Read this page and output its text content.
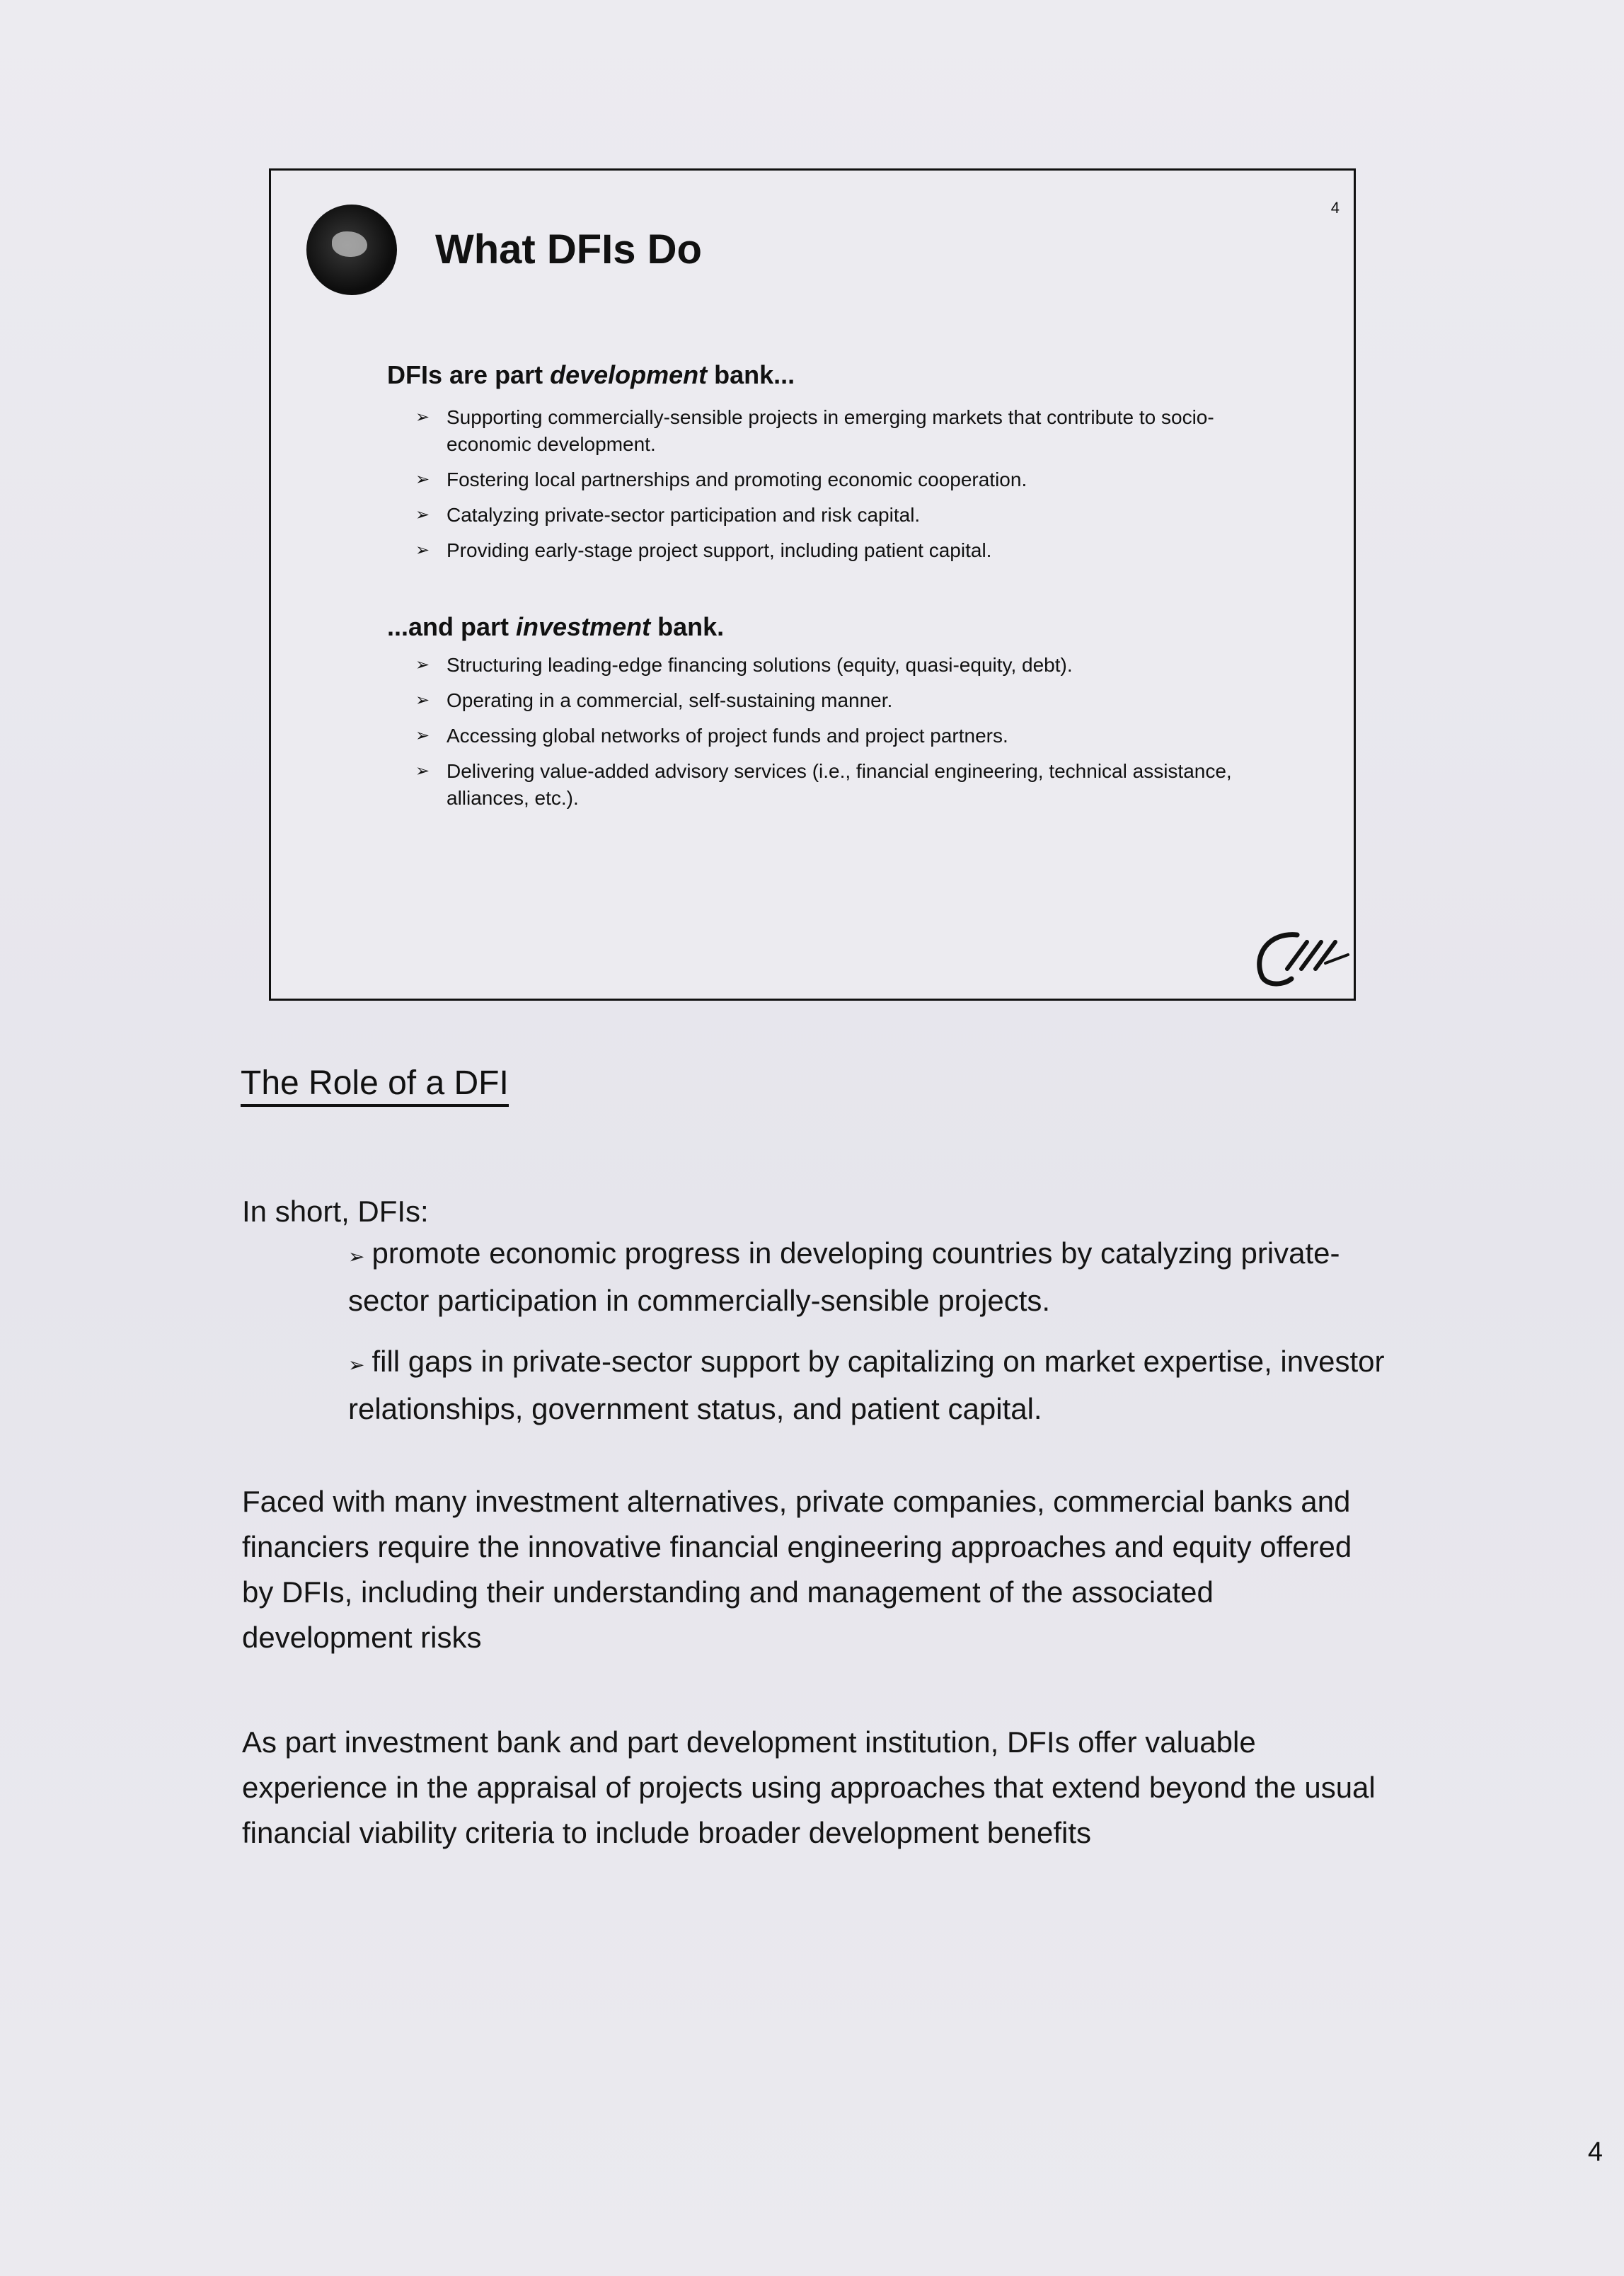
4
What DFIs Do
DFIs are part development bank...
➢ Supporting commercially-sensible projects in emerging markets that contribute to socio-economic development.
➢ Fostering local partnerships and promoting economic cooperation.
➢ Catalyzing private-sector participation and risk capital.
➢ Providing early-stage project support, including patient capital.
...and part investment bank.
➢ Structuring leading-edge financing solutions (equity, quasi-equity, debt).
➢ Operating in a commercial, self-sustaining manner.
➢ Accessing global networks of project funds and project partners.
➢ Delivering value-added advisory services (i.e., financial engineering, technical assistance, alliances, etc.).
The Role of a DFI
In short, DFIs:
➢ promote economic progress in developing countries by catalyzing private-sector participation in commercially-sensible projects.
➢ fill gaps in private-sector support by capitalizing on market expertise, investor relationships, government status, and patient capital.
Faced with many investment alternatives, private companies, commercial banks and financiers require the innovative financial engineering approaches and equity offered by DFIs, including their understanding and management of the associated development risks
As part investment bank and part development institution, DFIs offer valuable experience in the appraisal of projects using approaches that extend beyond the usual financial viability criteria to include broader development benefits
4
